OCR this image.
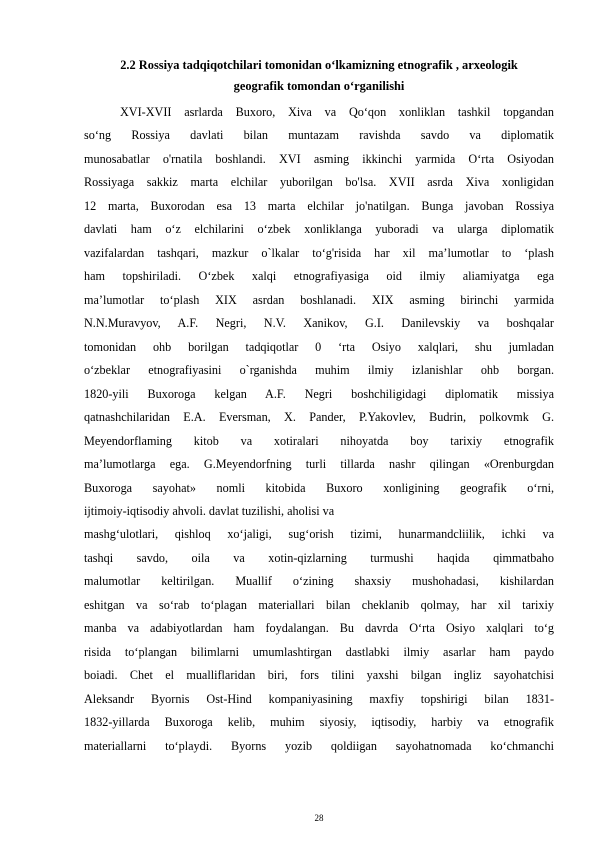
2.2 Rossiya tadqiqotchilari tomonidan o‘lkamizning etnografik , arxeologik
geografik tomondan o‘rganilishi
XVI-XVII asrlarda Buxoro, Xiva va Qo‘qon xonliklan tashkil topgandan
so‘ng Rossiya davlati bilan muntazam ravishda savdo va diplomatik
munosabatlar o'rnatila boshlandi. XVI asming ikkinchi yarmida O‘rta Osiyodan
Rossiyaga sakkiz marta elchilar yuborilgan bo'lsa. XVII asrda Xiva xonligidan
12 marta, Buxorodan esa 13 marta elchilar jo'natilgan. Bunga javoban Rossiya
davlati ham o‘z elchilarini o‘zbek xonliklanga yuboradi va ularga diplomatik
vazifalardan tashqari, mazkur o`lkalar to‘g'risida har xil ma’lumotlar to ‘plash
ham topshiriladi. O‘zbek xalqi etnografiyasiga oid ilmiy aliamiyatga ega
ma’lumotlar to‘plash XIX asrdan boshlanadi. XIX asming birinchi yarmida
N.N.Muravyov, A.F. Negri, N.V. Xanikov, G.I. Danilevskiy va boshqalar
tomonidan ohb borilgan tadqiqotlar 0 ‘rta Osiyo xalqlari, shu jumladan
o‘zbeklar etnografiyasini o`rganishda muhim ilmiy izlanishlar ohb borgan.
1820-yili Buxoroga kelgan A.F. Negri boshchiligidagi diplomatik missiya
qatnashchilaridan E.A. Eversman, X. Pander, P.Yakovlev, Budrin, polkovmk G.
Meyendorflaming kitob va xotiralari nihoyatda boy tarixiy etnografik
ma’lumotlarga ega. G.Meyendorfning turli tillarda nashr qilingan «Orenburgdan
Buxoroga sayohat» nomli kitobida Buxoro xonligining geografik o‘rni,
ijtimoiy-iqtisodiy ahvoli. davlat tuzilishi, aholisi va
mashg‘ulotlari, qishloq xo‘jaligi, sug‘orish tizimi, hunarmandcliilik, ichki va
tashqi savdo, oila va xotin-qizlarning turmushi haqida qimmatbaho
malumotlar keltirilgan. Muallif o‘zining shaxsiy mushohadasi, kishilardan
eshitgan va so‘rab to‘plagan materiallari bilan cheklanib qolmay, har xil tarixiy
manba va adabiyotlardan ham foydalangan. Bu davrda O‘rta Osiyo xalqlari to‘g
risida to‘plangan bilimlarni umumlashtirgan dastlabki ilmiy asarlar ham paydo
boiadi. Chet el mualliflaridan biri, fors tilini yaxshi bilgan ingliz sayohatchisi
Aleksandr Byornis Ost-Hind kompaniyasining maxfiy topshirigi bilan 1831-
1832-yillarda Buxoroga kelib, muhim siyosiy, iqtisodiy, harbiy va etnografik
materiallarni to‘playdi. Byorns yozib qoldiigan sayohatnomada ko‘chmanchi
28
